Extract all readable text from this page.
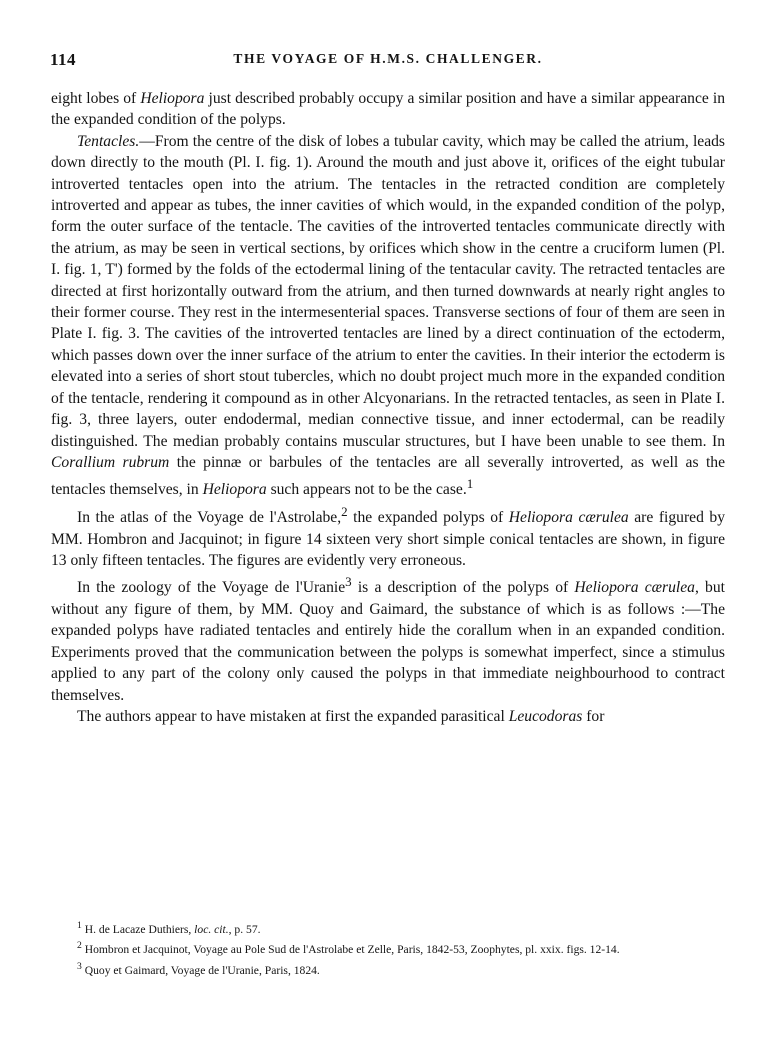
114	THE VOYAGE OF H.M.S. CHALLENGER.

eight lobes of Heliopora just described probably occupy a similar position and have a similar appearance in the expanded condition of the polyps.

Tentacles.—From the centre of the disk of lobes a tubular cavity, which may be called the atrium, leads down directly to the mouth (Pl. I. fig. 1). Around the mouth and just above it, orifices of the eight tubular introverted tentacles open into the atrium. The tentacles in the retracted condition are completely introverted and appear as tubes, the inner cavities of which would, in the expanded condition of the polyp, form the outer surface of the tentacle. The cavities of the introverted tentacles communicate directly with the atrium, as may be seen in vertical sections, by orifices which show in the centre a cruciform lumen (Pl. I. fig. 1, T') formed by the folds of the ectodermal lining of the tentacular cavity. The retracted tentacles are directed at first horizontally outward from the atrium, and then turned downwards at nearly right angles to their former course. They rest in the intermesenterial spaces. Transverse sections of four of them are seen in Plate I. fig. 3. The cavities of the introverted tentacles are lined by a direct continuation of the ectoderm, which passes down over the inner surface of the atrium to enter the cavities. In their interior the ectoderm is elevated into a series of short stout tubercles, which no doubt project much more in the expanded condition of the tentacle, rendering it compound as in other Alcyonarians. In the retracted tentacles, as seen in Plate I. fig. 3, three layers, outer endodermal, median connective tissue, and inner ectodermal, can be readily distinguished. The median probably contains muscular structures, but I have been unable to see them. In Corallium rubrum the pinnæ or barbules of the tentacles are all severally introverted, as well as the tentacles themselves, in Heliopora such appears not to be the case.$^1$

In the atlas of the Voyage de l'Astrolabe,$^2$ the expanded polyps of Heliopora cærulea are figured by MM. Hombron and Jacquinot; in figure 14 sixteen very short simple conical tentacles are shown, in figure 13 only fifteen tentacles. The figures are evidently very erroneous.

In the zoology of the Voyage de l'Uranie$^3$ is a description of the polyps of Heliopora cærulea, but without any figure of them, by MM. Quoy and Gaimard, the substance of which is as follows :—The expanded polyps have radiated tentacles and entirely hide the corallum when in an expanded condition. Experiments proved that the communication between the polyps is somewhat imperfect, since a stimulus applied to any part of the colony only caused the polyps in that immediate neighbourhood to contract themselves.

The authors appear to have mistaken at first the expanded parasitical Leucodoras for

$^1$ H. de Lacaze Duthiers, loc. cit., p. 57.

$^2$ Hombron et Jacquinot, Voyage au Pole Sud de l'Astrolabe et Zelle, Paris, 1842-53, Zoophytes, pl. xxix. figs. 12-14.

$^3$ Quoy et Gaimard, Voyage de l'Uranie, Paris, 1824.
